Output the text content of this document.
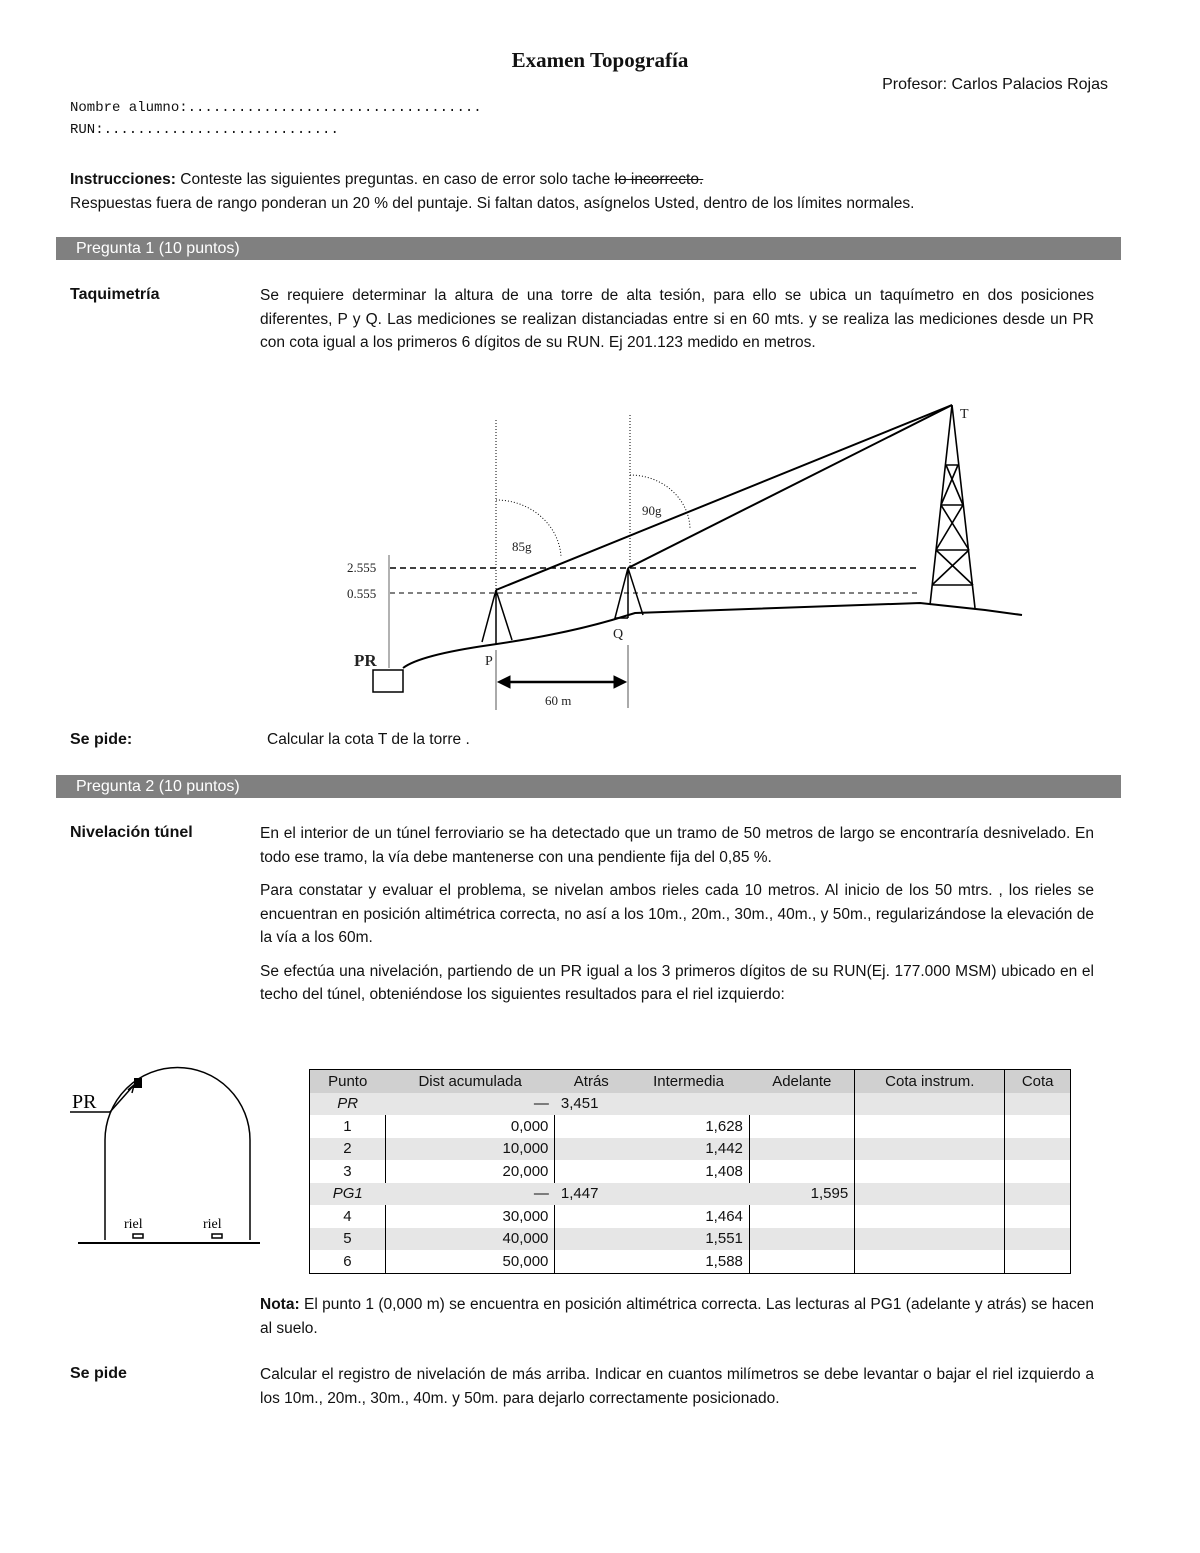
Examen Topografía
Profesor: Carlos Palacios Rojas
Nombre alumno:...................................
RUN:............................
Instrucciones: Conteste las siguientes preguntas. en caso de error solo tache lo incorrecto.
Respuestas fuera de rango ponderan un 20 % del puntaje. Si faltan datos, asígnelos Usted, dentro de los límites normales.
Pregunta 1 (10 puntos)
Taquimetría	Se requiere determinar la altura de una torre de alta tesión, para ello se ubica un taquímetro en dos posiciones diferentes, P y Q. Las mediciones se realizan distanciadas entre si en 60 mts. y se realiza las mediciones desde un PR con cota igual a los primeros 6 dígitos de su RUN. Ej 201.123 medido en metros.
PR	P
Q
T
2.555
0.555
85g
90g
60 m
Se pide:	Calcular la cota T de la torre .
Pregunta 2 (10 puntos)
Nivelación túnel	En el interior de un túnel ferroviario se ha detectado que un tramo de 50 metros de largo se encontraría desnivelado. En todo ese tramo, la vía debe mantenerse con una pendiente fija del 0,85 %.

Para constatar y evaluar el problema, se nivelan ambos rieles cada 10 metros. Al inicio de los 50 mtrs. , los rieles se encuentran en posición altimétrica correcta, no así a los 10m., 20m., 30m., 40m., y 50m., regularizándose la elevación de la vía a los 60m.

Se efectúa una nivelación, partiendo de un PR igual a los 3 primeros dígitos de su RUN(Ej. 177.000 MSM) ubicado en el techo del túnel, obteniéndose los siguientes resultados para el riel izquierdo:

PR
riel	riel
Punto	Dist acumulada	Atrás	Intermedia	Adelante	Cota instrum.	Cota
PR	—	3,451				
1	0,000		1,628			
2	10,000		1,442			
3	20,000		1,408			
PG1	—	1,447		1,595		
4	30,000		1,464			
5	40,000		1,551			
6	50,000		1,588			
Nota: El punto 1 (0,000 m) se encuentra en posición altimétrica correcta. Las lecturas al PG1 (adelante y atrás) se hacen al suelo.
Se pide	Calcular el registro de nivelación de más arriba. Indicar en cuantos milímetros se debe levantar o bajar el riel izquierdo a los 10m., 20m., 30m., 40m. y 50m. para dejarlo correctamente posicionado.
